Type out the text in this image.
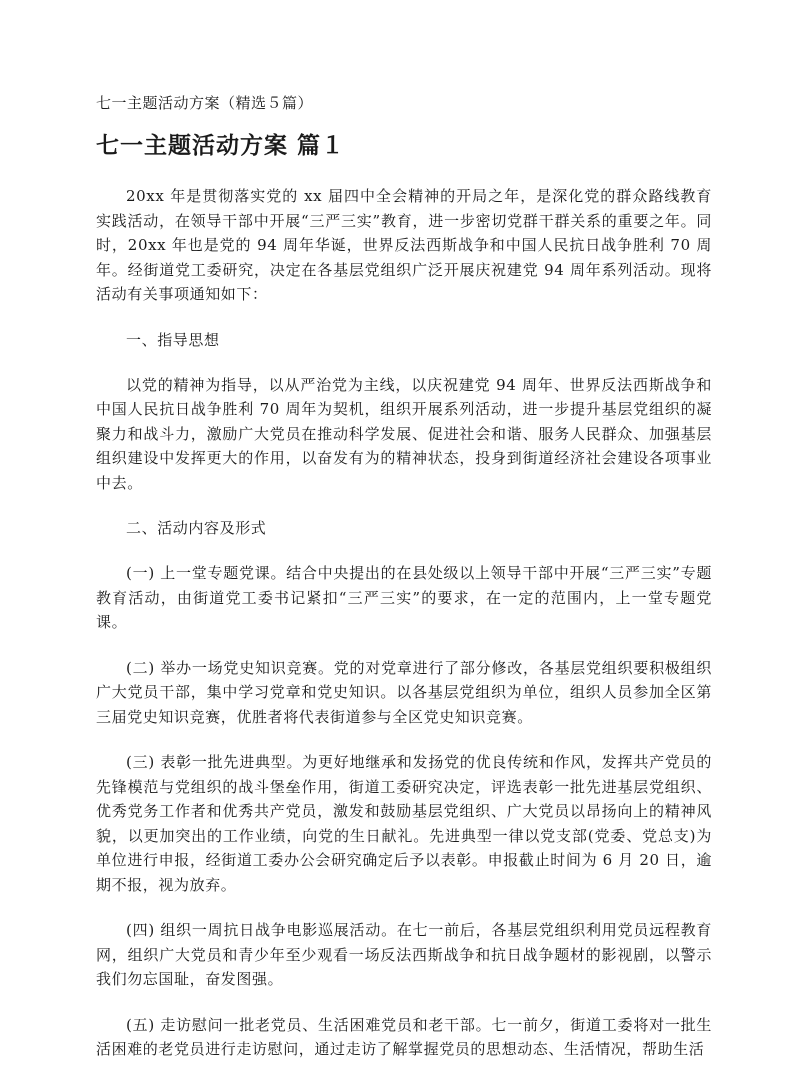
七一主题活动方案（精选５篇）
七一主题活动方案 篇１

20xx 年是贯彻落实党的 xx 届四中全会精神的开局之年，是深化党的群众路线教育实践活动，在领导干部中开展“三严三实”教育，进一步密切党群干群关系的重要之年。同时，20xx 年也是党的 94 周年华诞，世界反法西斯战争和中国人民抗日战争胜利 70 周年。经街道党工委研究，决定在各基层党组织广泛开展庆祝建党 94 周年系列活动。现将活动有关事项通知如下：

一、指导思想

以党的精神为指导，以从严治党为主线，以庆祝建党 94 周年、世界反法西斯战争和中国人民抗日战争胜利 70 周年为契机，组织开展系列活动，进一步提升基层党组织的凝聚力和战斗力，激励广大党员在推动科学发展、促进社会和谐、服务人民群众、加强基层组织建设中发挥更大的作用，以奋发有为的精神状态，投身到街道经济社会建设各项事业中去。

二、活动内容及形式

(一) 上一堂专题党课。结合中央提出的在县处级以上领导干部中开展“三严三实”专题教育活动，由街道党工委书记紧扣“三严三实”的要求，在一定的范围内，上一堂专题党课。

(二) 举办一场党史知识竞赛。党的对党章进行了部分修改，各基层党组织要积极组织广大党员干部，集中学习党章和党史知识。以各基层党组织为单位，组织人员参加全区第三届党史知识竞赛，优胜者将代表街道参与全区党史知识竞赛。

(三) 表彰一批先进典型。为更好地继承和发扬党的优良传统和作风，发挥共产党员的先锋模范与党组织的战斗堡垒作用，街道工委研究决定，评选表彰一批先进基层党组织、优秀党务工作者和优秀共产党员，激发和鼓励基层党组织、广大党员以昂扬向上的精神风貌，以更加突出的工作业绩，向党的生日献礼。先进典型一律以党支部(党委、党总支)为单位进行申报，经街道工委办公会研究确定后予以表彰。申报截止时间为 6 月 20 日，逾期不报，视为放弃。

(四) 组织一周抗日战争电影巡展活动。在七一前后，各基层党组织利用党员远程教育网，组织广大党员和青少年至少观看一场反法西斯战争和抗日战争题材的影视剧，以警示我们勿忘国耻，奋发图强。

(五) 走访慰问一批老党员、生活困难党员和老干部。七一前夕，街道工委将对一批生活困难的老党员进行走访慰问，通过走访了解掌握党员的思想动态、生活情况，帮助生活
